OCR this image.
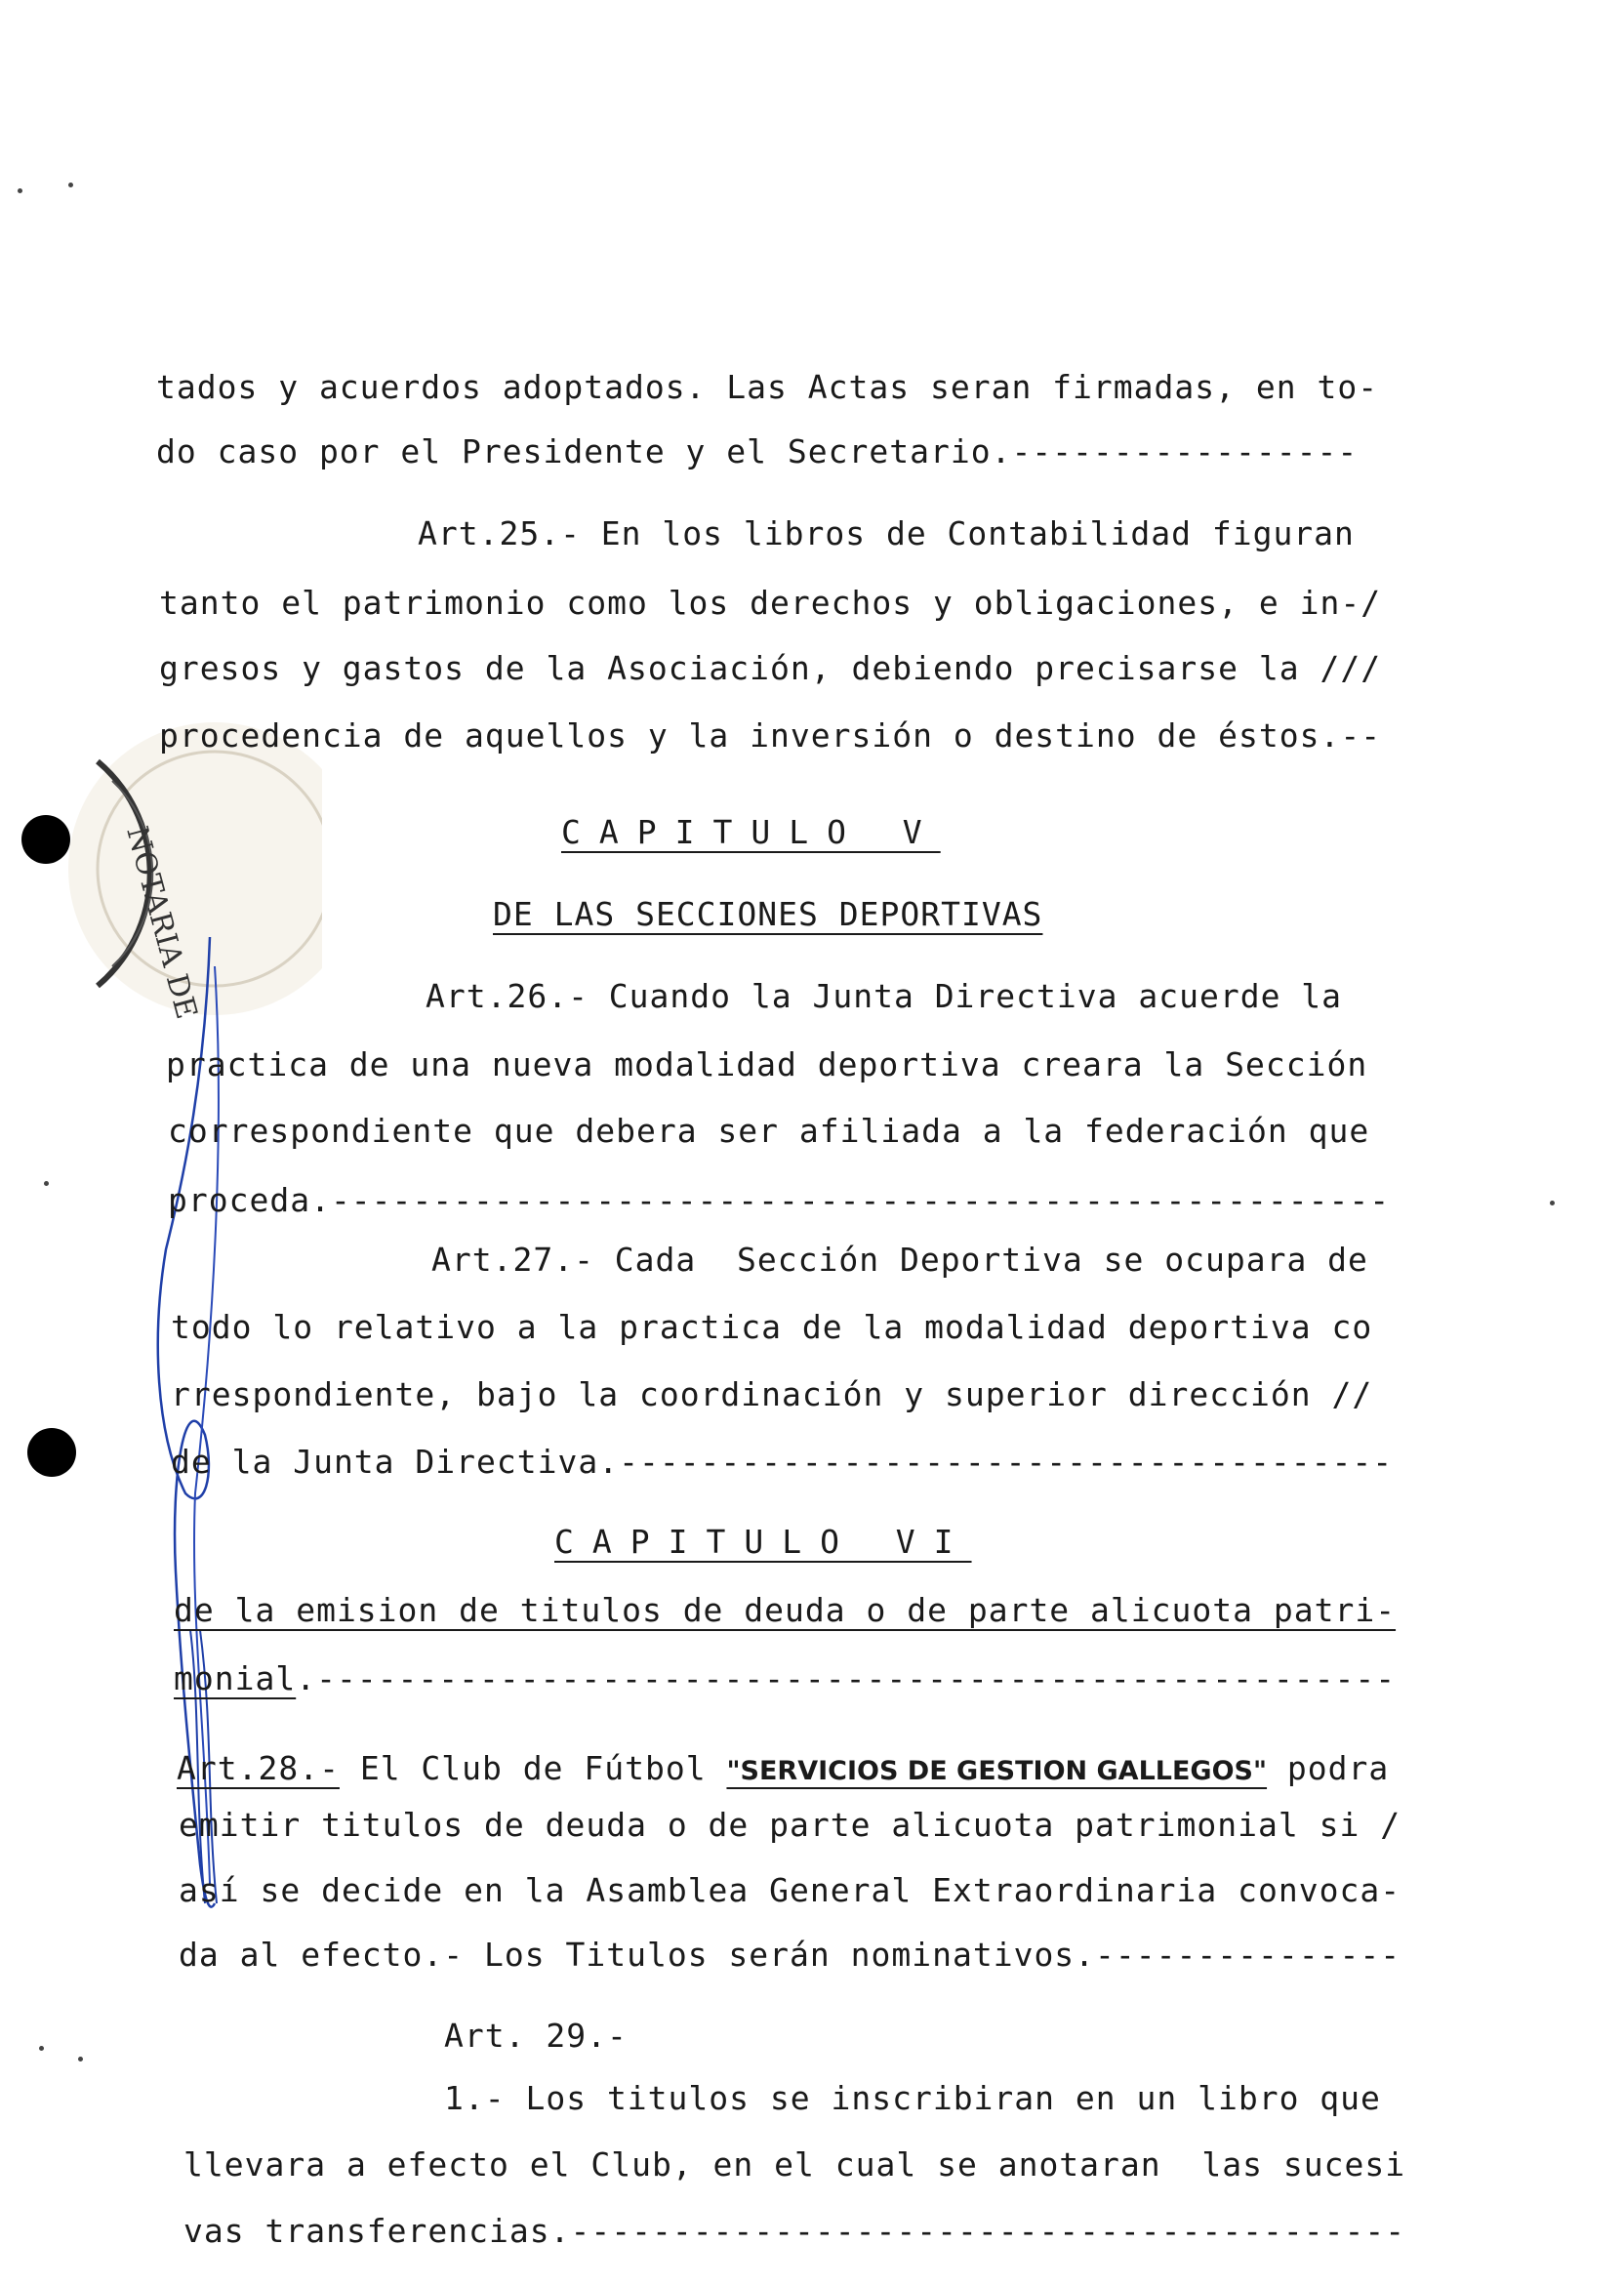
NOTARIA DE
tados y acuerdos adoptados. Las Actas seran firmadas, en to-
do caso por el Presidente y el Secretario.-----------------
Art.25.- En los libros de Contabilidad figuran
tanto el patrimonio como los derechos y obligaciones, e in-/
gresos y gastos de la Asociación, debiendo precisarse la ///
procedencia de aquellos y la inversión o destino de éstos.--
CAPITULO V
DE LAS SECCIONES DEPORTIVAS
Art.26.- Cuando la Junta Directiva acuerde la
practica de una nueva modalidad deportiva creara la Sección
correspondiente que debera ser afiliada a la federación que
proceda.----------------------------------------------------
Art.27.- Cada  Sección Deportiva se ocupara de
todo lo relativo a la practica de la modalidad deportiva co
rrespondiente, bajo la coordinación y superior dirección //
de la Junta Directiva.--------------------------------------
CAPITULO VI
de la emision de titulos de deuda o de parte alicuota patri-
monial.-----------------------------------------------------
Art.28.- El Club de Fútbol "SERVICIOS DE GESTION GALLEGOS" podra
emitir titulos de deuda o de parte alicuota patrimonial si /
así se decide en la Asamblea General Extraordinaria convoca-
da al efecto.- Los Titulos serán nominativos.---------------
Art. 29.-
1.- Los titulos se inscribiran en un libro que
llevara a efecto el Club, en el cual se anotaran  las sucesi
vas transferencias.-----------------------------------------
